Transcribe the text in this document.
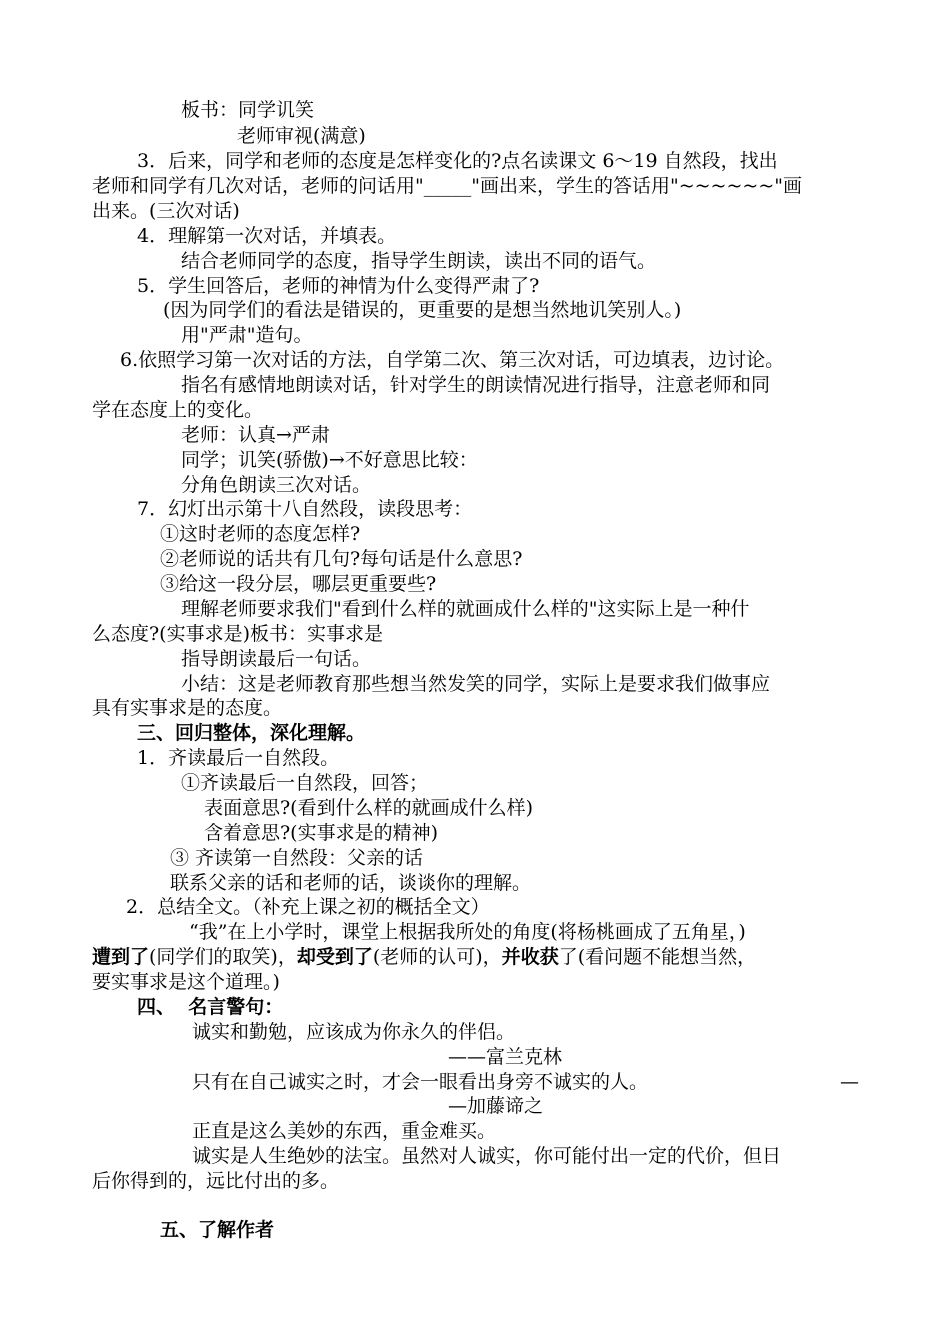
板书：同学讥笑
老师审视(满意)
3．后来，同学和老师的态度是怎样变化的?点名读课文 6～19 自然段，找出
老师和同学有几次对话，老师的问话用"_____"画出来，学生的答话用"~~~~~~"画
出来。(三次对话)
4．理解第一次对话，并填表。
结合老师同学的态度，指导学生朗读，读出不同的语气。
5．学生回答后，老师的神情为什么变得严肃了?
(因为同学们的看法是错误的，更重要的是想当然地讥笑别人。)
用"严肃"造句。
6.依照学习第一次对话的方法，自学第二次、第三次对话，可边填表，边讨论。
指名有感情地朗读对话，针对学生的朗读情况进行指导，注意老师和同
学在态度上的变化。
老师：认真→严肃
同学；讥笑(骄傲)→不好意思比较：
分角色朗读三次对话。
7．幻灯出示第十八自然段，读段思考：
①这时老师的态度怎样?
②老师说的话共有几句?每句话是什么意思?
③给这一段分层，哪层更重要些?
理解老师要求我们"看到什么样的就画成什么样的"这实际上是一种什
么态度?(实事求是)板书：实事求是
指导朗读最后一句话。
小结：这是老师教育那些想当然发笑的同学，实际上是要求我们做事应
具有实事求是的态度。
三、回归整体，深化理解。
1．齐读最后一自然段。
①齐读最后一自然段，回答；
表面意思?(看到什么样的就画成什么样)
含着意思?(实事求是的精神)
③ 齐读第一自然段：父亲的话
联系父亲的话和老师的话，谈谈你的理解。
2．总结全文。（补充上课之初的概括全文）
“我”在上小学时，课堂上根据我所处的角度(将杨桃画成了五角星，)
遭到了(同学们的取笑)，却受到了(老师的认可)，并收获了(看问题不能想当然，
要实事求是这个道理。)
四、  名言警句：
诚实和勤勉，应该成为你永久的伴侣。
——富兰克林
只有在自己诚实之时，才会一眼看出身旁不诚实的人。	—
—加藤谛之
正直是这么美妙的东西，重金难买。
诚实是人生绝妙的法宝。虽然对人诚实，你可能付出一定的代价，但日
后你得到的，远比付出的多。
五、了解作者
